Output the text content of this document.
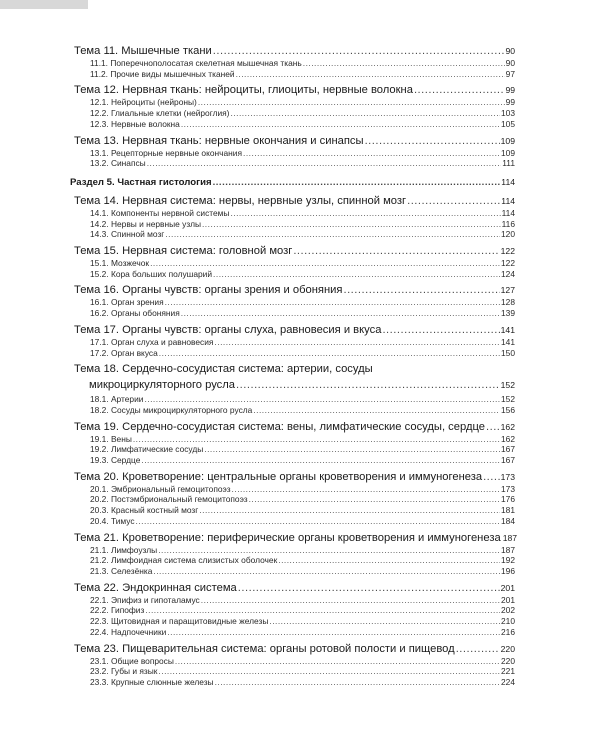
Тема 11. Мышечные ткани .....	90
11.1. Поперечнополосатая скелетная мышечная ткань .....	90
11.2. Прочие виды мышечных тканей .....	97
Тема 12. Нервная ткань: нейроциты, глиоциты, нервные волокна .....	99
12.1. Нейроциты (нейроны) .....	99
12.2. Глиальные клетки (нейроглия) .....	103
12.3. Нервные волокна .....	105
Тема 13. Нервная ткань: нервные окончания и синапсы .....	109
13.1. Рецепторные нервные окончания .....	109
13.2. Синапсы .....	111
Раздел 5. Частная гистология .....	114
Тема 14. Нервная система: нервы, нервные узлы, спинной мозг .....	114
14.1. Компоненты нервной системы .....	114
14.2. Нервы и нервные узлы .....	116
14.3. Спинной мозг .....	120
Тема 15. Нервная система: головной мозг .....	122
15.1. Мозжечок .....	122
15.2. Кора больших полушарий .....	124
Тема 16. Органы чувств: органы зрения и обоняния .....	127
16.1. Орган зрения .....	128
16.2. Органы обоняния .....	139
Тема 17. Органы чувств: органы слуха, равновесия и вкуса .....	141
17.1. Орган слуха и равновесия .....	141
17.2. Орган вкуса .....	150
Тема 18. Сердечно-сосудистая система: артерии, сосуды
микроциркуляторного русла .....	152
18.1. Артерии .....	152
18.2. Сосуды микроциркуляторного русла .....	156
Тема 19. Сердечно-сосудистая система: вены, лимфатические сосуды, сердце ..... 162
19.1. Вены .....	162
19.2. Лимфатические сосуды .....	167
19.3. Сердце .....	167
Тема 20. Кроветворение: центральные органы кроветворения и иммуногенеза ..... 173
20.1. Эмбриональный гемоцитопоэз .....	173
20.2. Постэмбриональный гемоцитопоэз .....	176
20.3. Красный костный мозг .....	181
20.4. Тимус .....	184
Тема 21. Кроветворение: периферические органы кроветворения и иммуногенеза 187
21.1. Лимфоузлы .....	187
21.2. Лимфоидная система слизистых оболочек .....	192
21.3. Селезёнка .....	196
Тема 22. Эндокринная система .....	201
22.1. Эпифиз и гипоталамус .....	201
22.2. Гипофиз .....	202
22.3. Щитовидная и паращитовидные железы .....	210
22.4. Надпочечники .....	216
Тема 23. Пищеварительная система: органы ротовой полости и пищевод .....	220
23.1. Общие вопросы .....	220
23.2. Губы и язык .....	221
23.3. Крупные слюнные железы .....	224
